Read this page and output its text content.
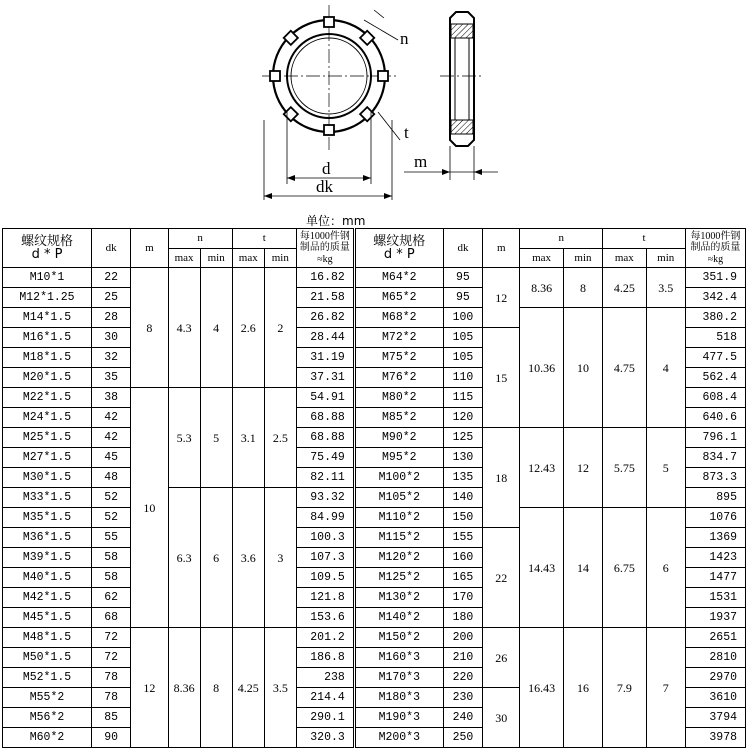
n
t
d
dk
m
单位：mm
螺纹规格
d * P	dk	m	n		t		每1000件钢制品的质量 ≈kg	螺纹规格
d * P	dk	m	n		t		每1000件钢制品的质量 ≈kg
			max	min	max	min					max	min	max	min	
M10*1	22	8	4.3	4	2.6	2	16.82	M64*2	95	12	8.36	8	4.25	3.5	351.9
M12*1.25	25						21.58	M65*2	95						342.4
M14*1.5	28						26.82	M68*2	100		10.36	10	4.75	4	380.2
M16*1.5	30						28.44	M72*2	105	15					518
M18*1.5	32						31.19	M75*2	105						477.5
M20*1.5	35						37.31	M76*2	110						562.4
M22*1.5	38	10	5.3	5	3.1	2.5	54.91	M80*2	115						608.4
M24*1.5	42						68.88	M85*2	120						640.6
M25*1.5	42						68.88	M90*2	125	18	12.43	12	5.75	5	796.1
M27*1.5	45						75.49	M95*2	130						834.7
M30*1.5	48						82.11	M100*2	135						873.3
M33*1.5	52		6.3	6	3.6	3	93.32	M105*2	140						895
M35*1.5	52						84.99	M110*2	150		14.43	14	6.75	6	1076
M36*1.5	55						100.3	M115*2	155	22					1369
M39*1.5	58						107.3	M120*2	160						1423
M40*1.5	58						109.5	M125*2	165						1477
M42*1.5	62						121.8	M130*2	170						1531
M45*1.5	68						153.6	M140*2	180						1937
M48*1.5	72	12	8.36	8	4.25	3.5	201.2	M150*2	200	26	16.43	16	7.9	7	2651
M50*1.5	72						186.8	M160*3	210						2810
M52*1.5	78						238	M170*3	220						2970
M55*2	78						214.4	M180*3	230	30					3610
M56*2	85						290.1	M190*3	240						3794
M60*2	90						320.3	M200*3	250						3978
